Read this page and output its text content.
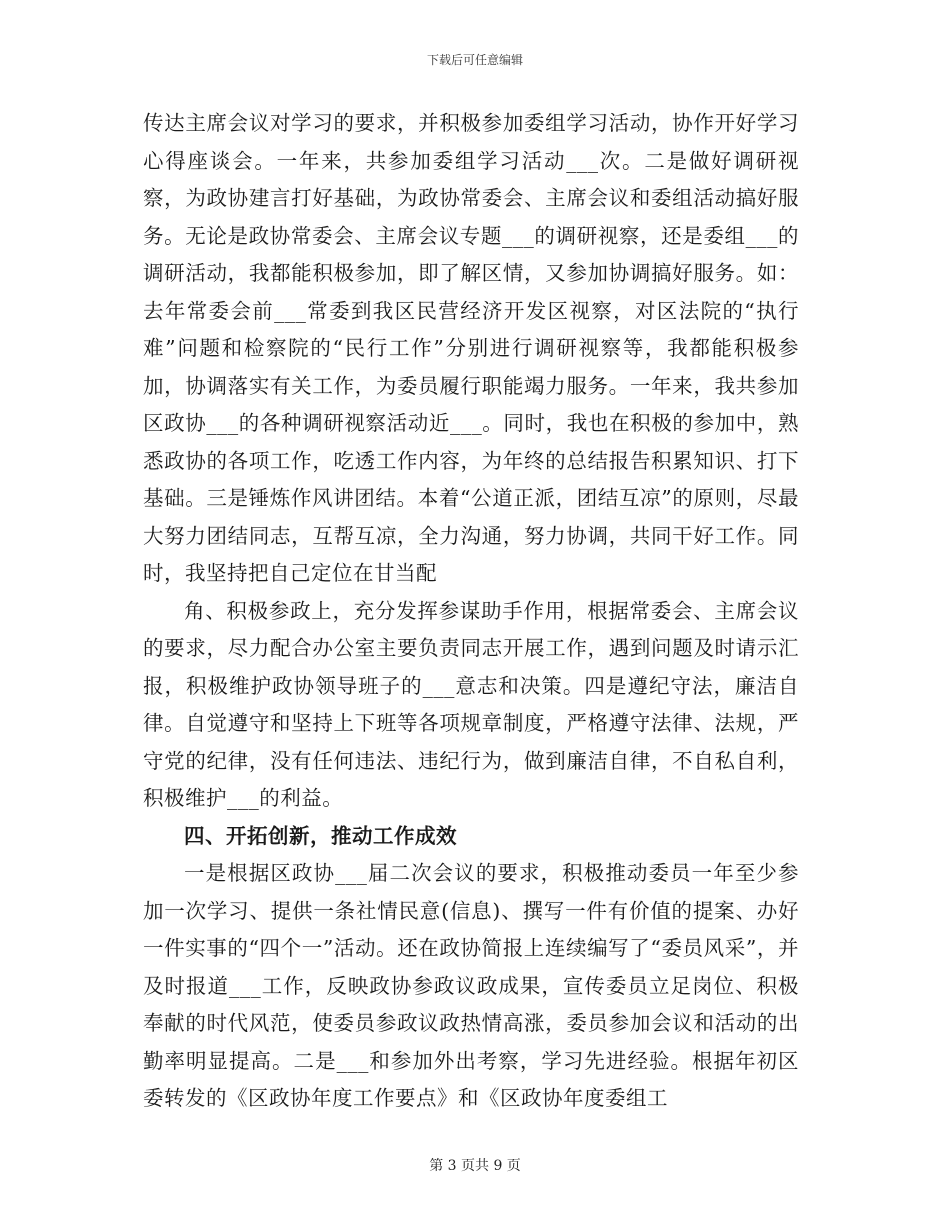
下载后可任意编辑

传达主席会议对学习的要求，并积极参加委组学习活动，协作开好学习心得座谈会。一年来，共参加委组学习活动___次。二是做好调研视察，为政协建言打好基础，为政协常委会、主席会议和委组活动搞好服务。无论是政协常委会、主席会议专题___的调研视察，还是委组___的调研活动，我都能积极参加，即了解区情，又参加协调搞好服务。如：去年常委会前___常委到我区民营经济开发区视察，对区法院的“执行难”问题和检察院的“民行工作”分别进行调研视察等，我都能积极参加，协调落实有关工作，为委员履行职能竭力服务。一年来，我共参加区政协___的各种调研视察活动近___。同时，我也在积极的参加中，熟悉政协的各项工作，吃透工作内容，为年终的总结报告积累知识、打下基础。三是锤炼作风讲团结。本着“公道正派，团结互凉”的原则，尽最大努力团结同志，互帮互凉，全力沟通，努力协调，共同干好工作。同时，我坚持把自己定位在甘当配

角、积极参政上，充分发挥参谋助手作用，根据常委会、主席会议的要求，尽力配合办公室主要负责同志开展工作，遇到问题及时请示汇报，积极维护政协领导班子的___意志和决策。四是遵纪守法，廉洁自律。自觉遵守和坚持上下班等各项规章制度，严格遵守法律、法规，严守党的纪律，没有任何违法、违纪行为，做到廉洁自律，不自私自利，积极维护___的利益。

四、开拓创新，推动工作成效

一是根据区政协___届二次会议的要求，积极推动委员一年至少参加一次学习、提供一条社情民意(信息)、撰写一件有价值的提案、办好一件实事的“四个一”活动。还在政协简报上连续编写了“委员风采”，并及时报道___工作，反映政协参政议政成果，宣传委员立足岗位、积极奉献的时代风范，使委员参政议政热情高涨，委员参加会议和活动的出勤率明显提高。二是___和参加外出考察，学习先进经验。根据年初区委转发的《区政协年度工作要点》和《区政协年度委组工

第 3 页共 9 页
